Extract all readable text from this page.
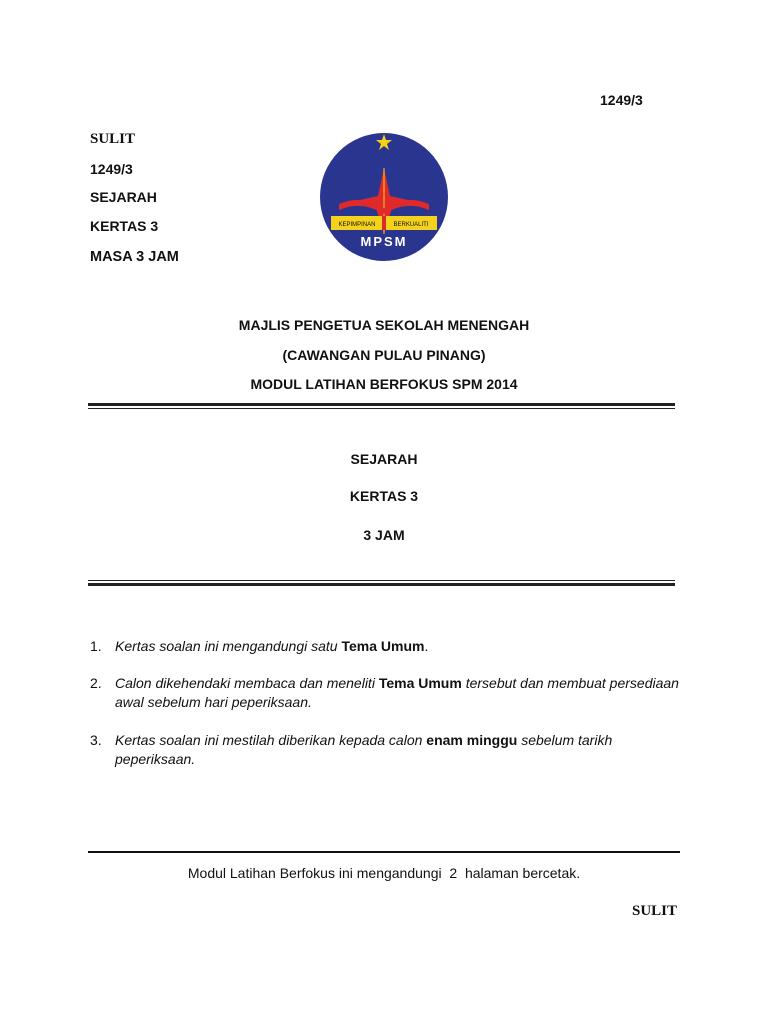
1249/3
SULIT
1249/3
SEJARAH
KERTAS 3
MASA 3 JAM
KEPIMPINAN	BERKUALITI
MPSM
MAJLIS PENGETUA SEKOLAH MENENGAH
(CAWANGAN PULAU PINANG)
MODUL LATIHAN BERFOKUS SPM 2014
SEJARAH
KERTAS 3
3 JAM
1. Kertas soalan ini mengandungi satu Tema Umum.
2. Calon dikehendaki membaca dan meneliti Tema Umum tersebut dan membuat persediaan awal sebelum hari peperiksaan.
3. Kertas soalan ini mestilah diberikan kepada calon enam minggu sebelum tarikh peperiksaan.
Modul Latihan Berfokus ini mengandungi  2  halaman bercetak.
SULIT
